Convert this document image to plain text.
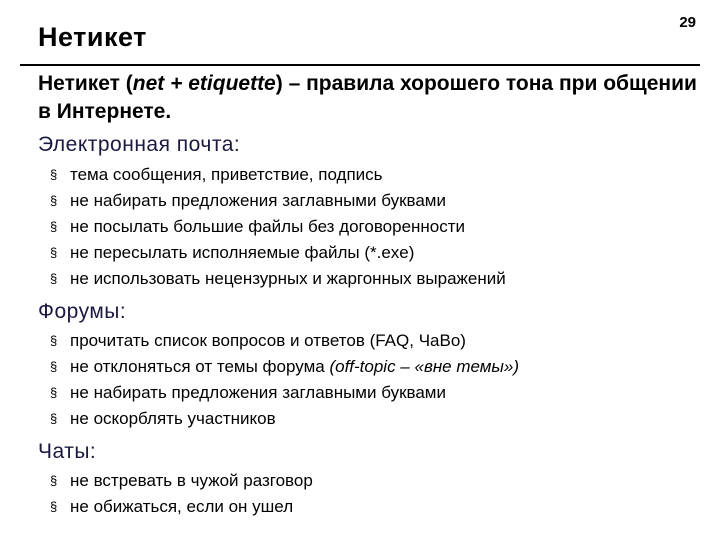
29
Нетикет
Нетикет (net + etiquette) – правила хорошего тона при общении в Интернете.
Электронная почта:
§ тема сообщения, приветствие, подпись
§ не набирать предложения заглавными буквами
§ не посылать большие файлы без договоренности
§ не пересылать исполняемые файлы (*.exe)
§ не использовать нецензурных и жаргонных выражений
Форумы:
§ прочитать список вопросов и ответов (FAQ, ЧаВо)
§ не отклоняться от темы форума (off-topic – «вне темы»)
§ не набирать предложения заглавными буквами
§ не оскорблять участников
Чаты:
§ не встревать в чужой разговор
§ не обижаться, если он ушел
